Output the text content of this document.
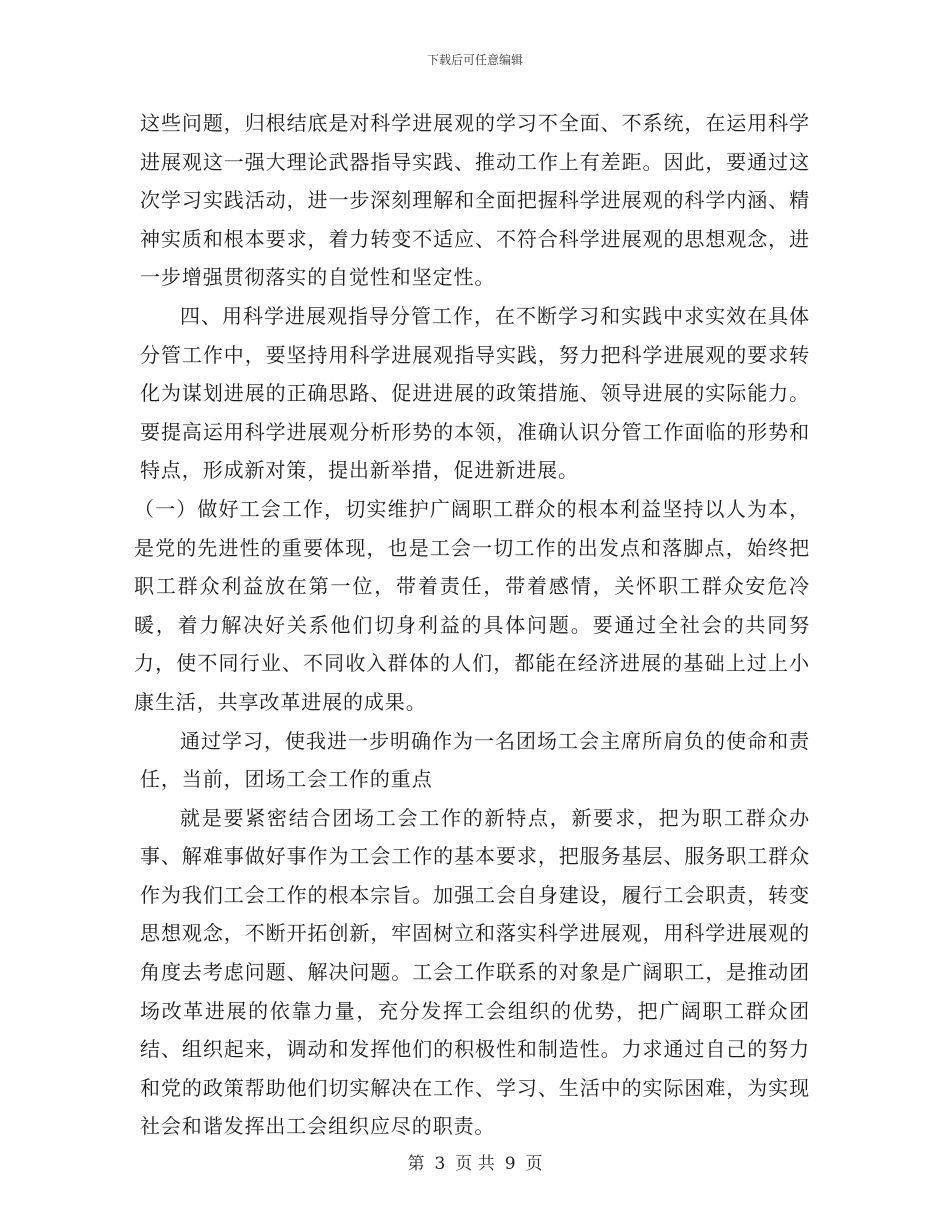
下载后可任意编辑

这些问题，归根结底是对科学进展观的学习不全面、不系统，在运用科学进展观这一强大理论武器指导实践、推动工作上有差距。因此，要通过这次学习实践活动，进一步深刻理解和全面把握科学进展观的科学内涵、精神实质和根本要求，着力转变不适应、不符合科学进展观的思想观念，进一步增强贯彻落实的自觉性和坚定性。

四、用科学进展观指导分管工作，在不断学习和实践中求实效在具体分管工作中，要坚持用科学进展观指导实践，努力把科学进展观的要求转化为谋划进展的正确思路、促进进展的政策措施、领导进展的实际能力。要提高运用科学进展观分析形势的本领，准确认识分管工作面临的形势和特点，形成新对策，提出新举措，促进新进展。

（一）做好工会工作，切实维护广阔职工群众的根本利益坚持以人为本，是党的先进性的重要体现，也是工会一切工作的出发点和落脚点，始终把职工群众利益放在第一位，带着责任，带着感情，关怀职工群众安危冷暖，着力解决好关系他们切身利益的具体问题。要通过全社会的共同努力，使不同行业、不同收入群体的人们，都能在经济进展的基础上过上小康生活，共享改革进展的成果。

通过学习，使我进一步明确作为一名团场工会主席所肩负的使命和责任，当前，团场工会工作的重点

就是要紧密结合团场工会工作的新特点，新要求，把为职工群众办事、解难事做好事作为工会工作的基本要求，把服务基层、服务职工群众作为我们工会工作的根本宗旨。加强工会自身建设，履行工会职责，转变思想观念，不断开拓创新，牢固树立和落实科学进展观，用科学进展观的角度去考虑问题、解决问题。工会工作联系的对象是广阔职工，是推动团场改革进展的依靠力量，充分发挥工会组织的优势，把广阔职工群众团结、组织起来，调动和发挥他们的积极性和制造性。力求通过自己的努力和党的政策帮助他们切实解决在工作、学习、生活中的实际困难，为实现社会和谐发挥出工会组织应尽的职责。

第 3 页 共 9 页
